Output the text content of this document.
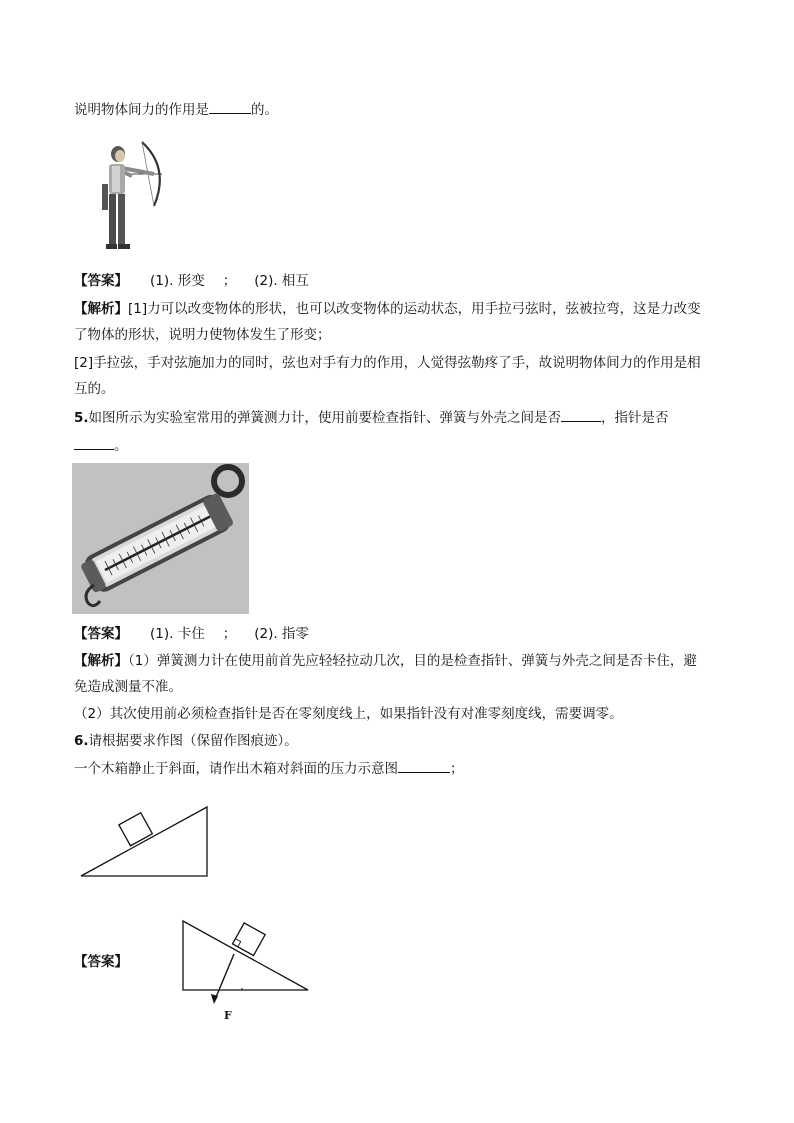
说明物体间力的作用是	的。
【答案】 (1). 形变 ； (2). 相互
【解析】[1]力可以改变物体的形状，也可以改变物体的运动状态，用手拉弓弦时，弦被拉弯，这是力改变
了物体的形状，说明力使物体发生了形变；
[2]手拉弦，手对弦施加力的同时，弦也对手有力的作用，人觉得弦勒疼了手，故说明物体间力的作用是相
互的。
5.如图所示为实验室常用的弹簧测力计，使用前要检查指针、弹簧与外壳之间是否	，指针是否
。
【答案】 (1). 卡住 ； (2). 指零
【解析】（1）弹簧测力计在使用前首先应轻轻拉动几次，目的是检查指针、弹簧与外壳之间是否卡住，避
免造成测量不准。
（2）其次使用前必须检查指针是否在零刻度线上，如果指针没有对准零刻度线，需要调零。
6.请根据要求作图（保留作图痕迹）。
一个木箱静止于斜面，请作出木箱对斜面的压力示意图	；
【答案】
F
